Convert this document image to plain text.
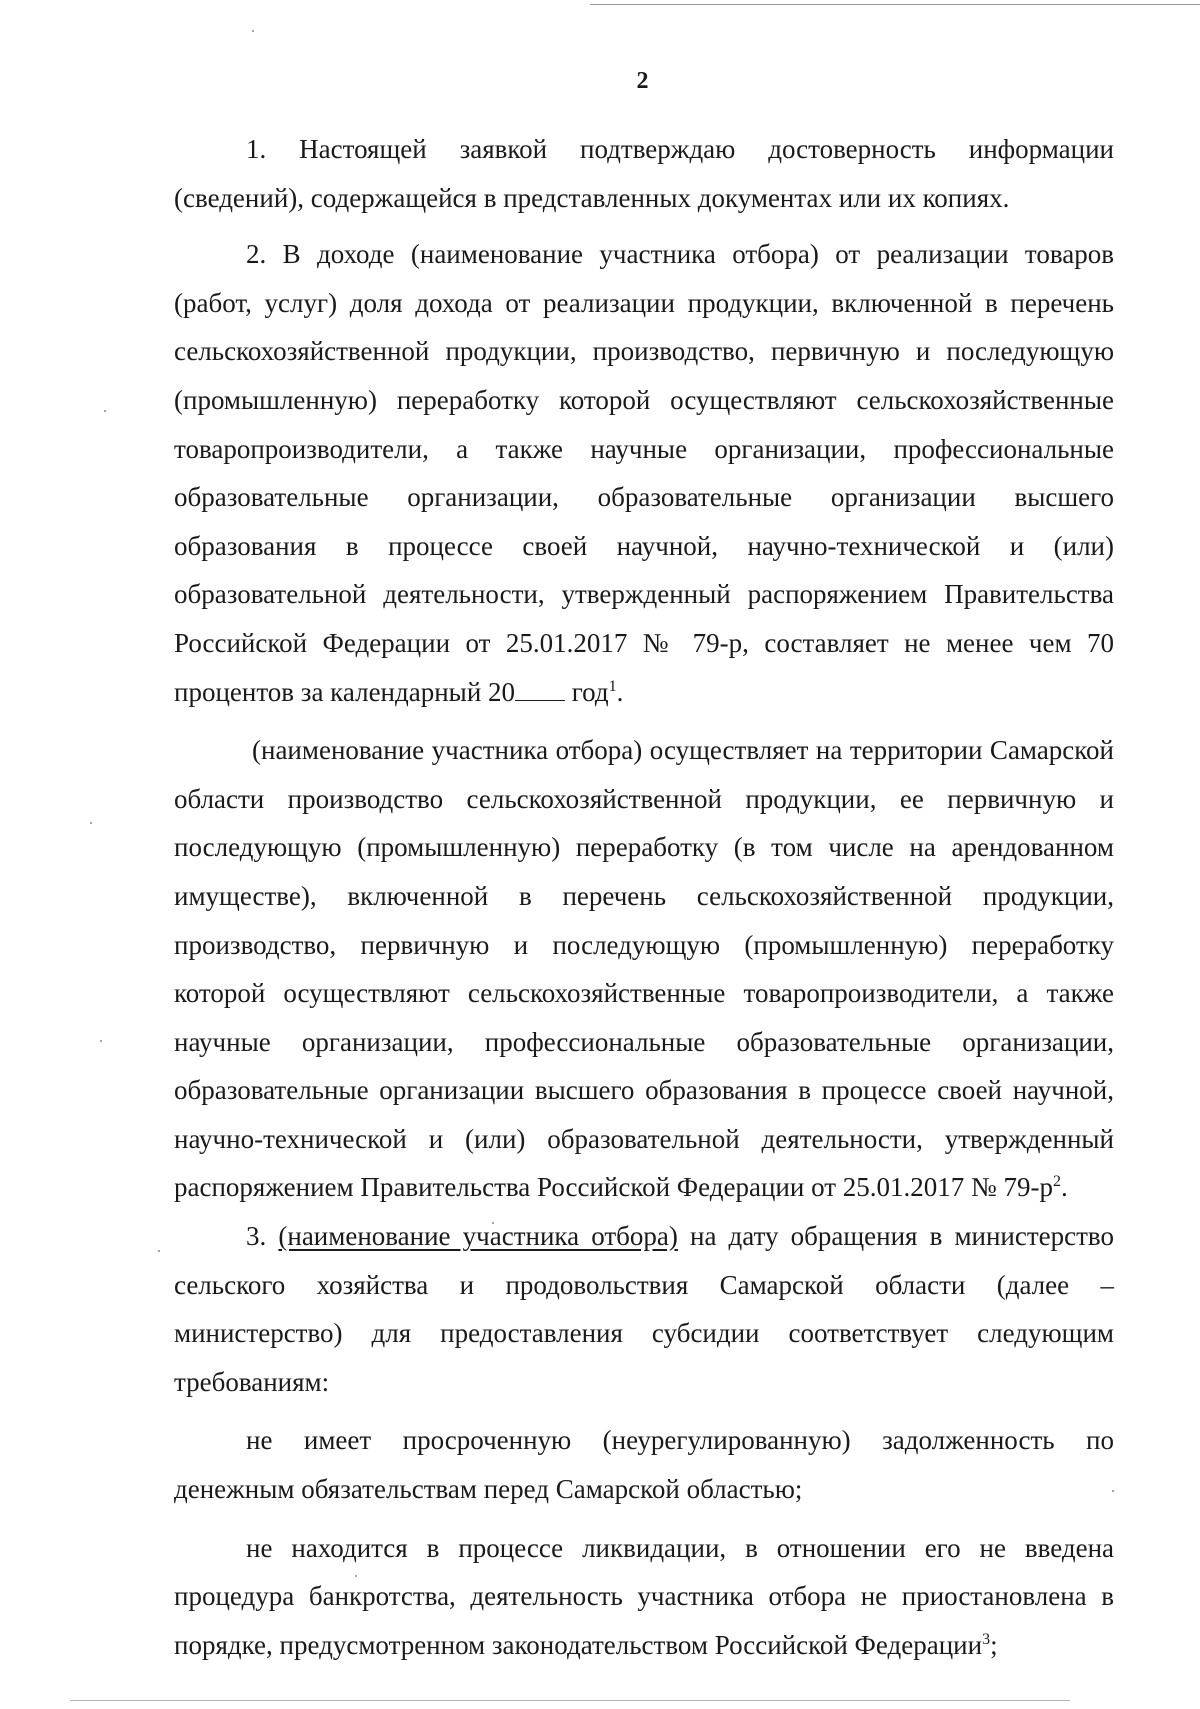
2

1. Настоящей заявкой подтверждаю достоверность информации (сведений), содержащейся в представленных документах или их копиях.

2. В доходе (наименование участника отбора) от реализации товаров (работ, услуг) доля дохода от реализации продукции, включенной в перечень сельскохозяйственной продукции, производство, первичную и последующую (промышленную) переработку которой осуществляют сельскохозяйственные товаропроизводители, а также научные организации, профессиональные образовательные организации, образовательные организации высшего образования в процессе своей научной, научно-технической и (или) образовательной деятельности, утвержденный распоряжением Правительства Российской Федерации от 25.01.2017 № 79-р, составляет не менее чем 70 процентов за календарный 20 год$^1$.

(наименование участника отбора) осуществляет на территории Самарской области производство сельскохозяйственной продукции, ее первичную и последующую (промышленную) переработку (в том числе на арендованном имуществе), включенной в перечень сельскохозяйственной продукции, производство, первичную и последующую (промышленную) переработку которой осуществляют сельскохозяйственные товаропроизводители, а также научные организации, профессиональные образовательные организации, образовательные организации высшего образования в процессе своей научной, научно-технической и (или) образовательной деятельности, утвержденный распоряжением Правительства Российской Федерации от 25.01.2017 № $79-р^2$.

3. (наименование участника отбора) на дату обращения в министерство сельского хозяйства и продовольствия Самарской области (далее – министерство) для предоставления субсидии соответствует следующим требованиям:

не имеет просроченную (неурегулированную) задолженность по денежным обязательствам перед Самарской областью;

не находится в процессе ликвидации, в отношении его не введена процедура банкротства, деятельность участника отбора не приостановлена в порядке, предусмотренном законодательством Российской Федерации$^3$;
